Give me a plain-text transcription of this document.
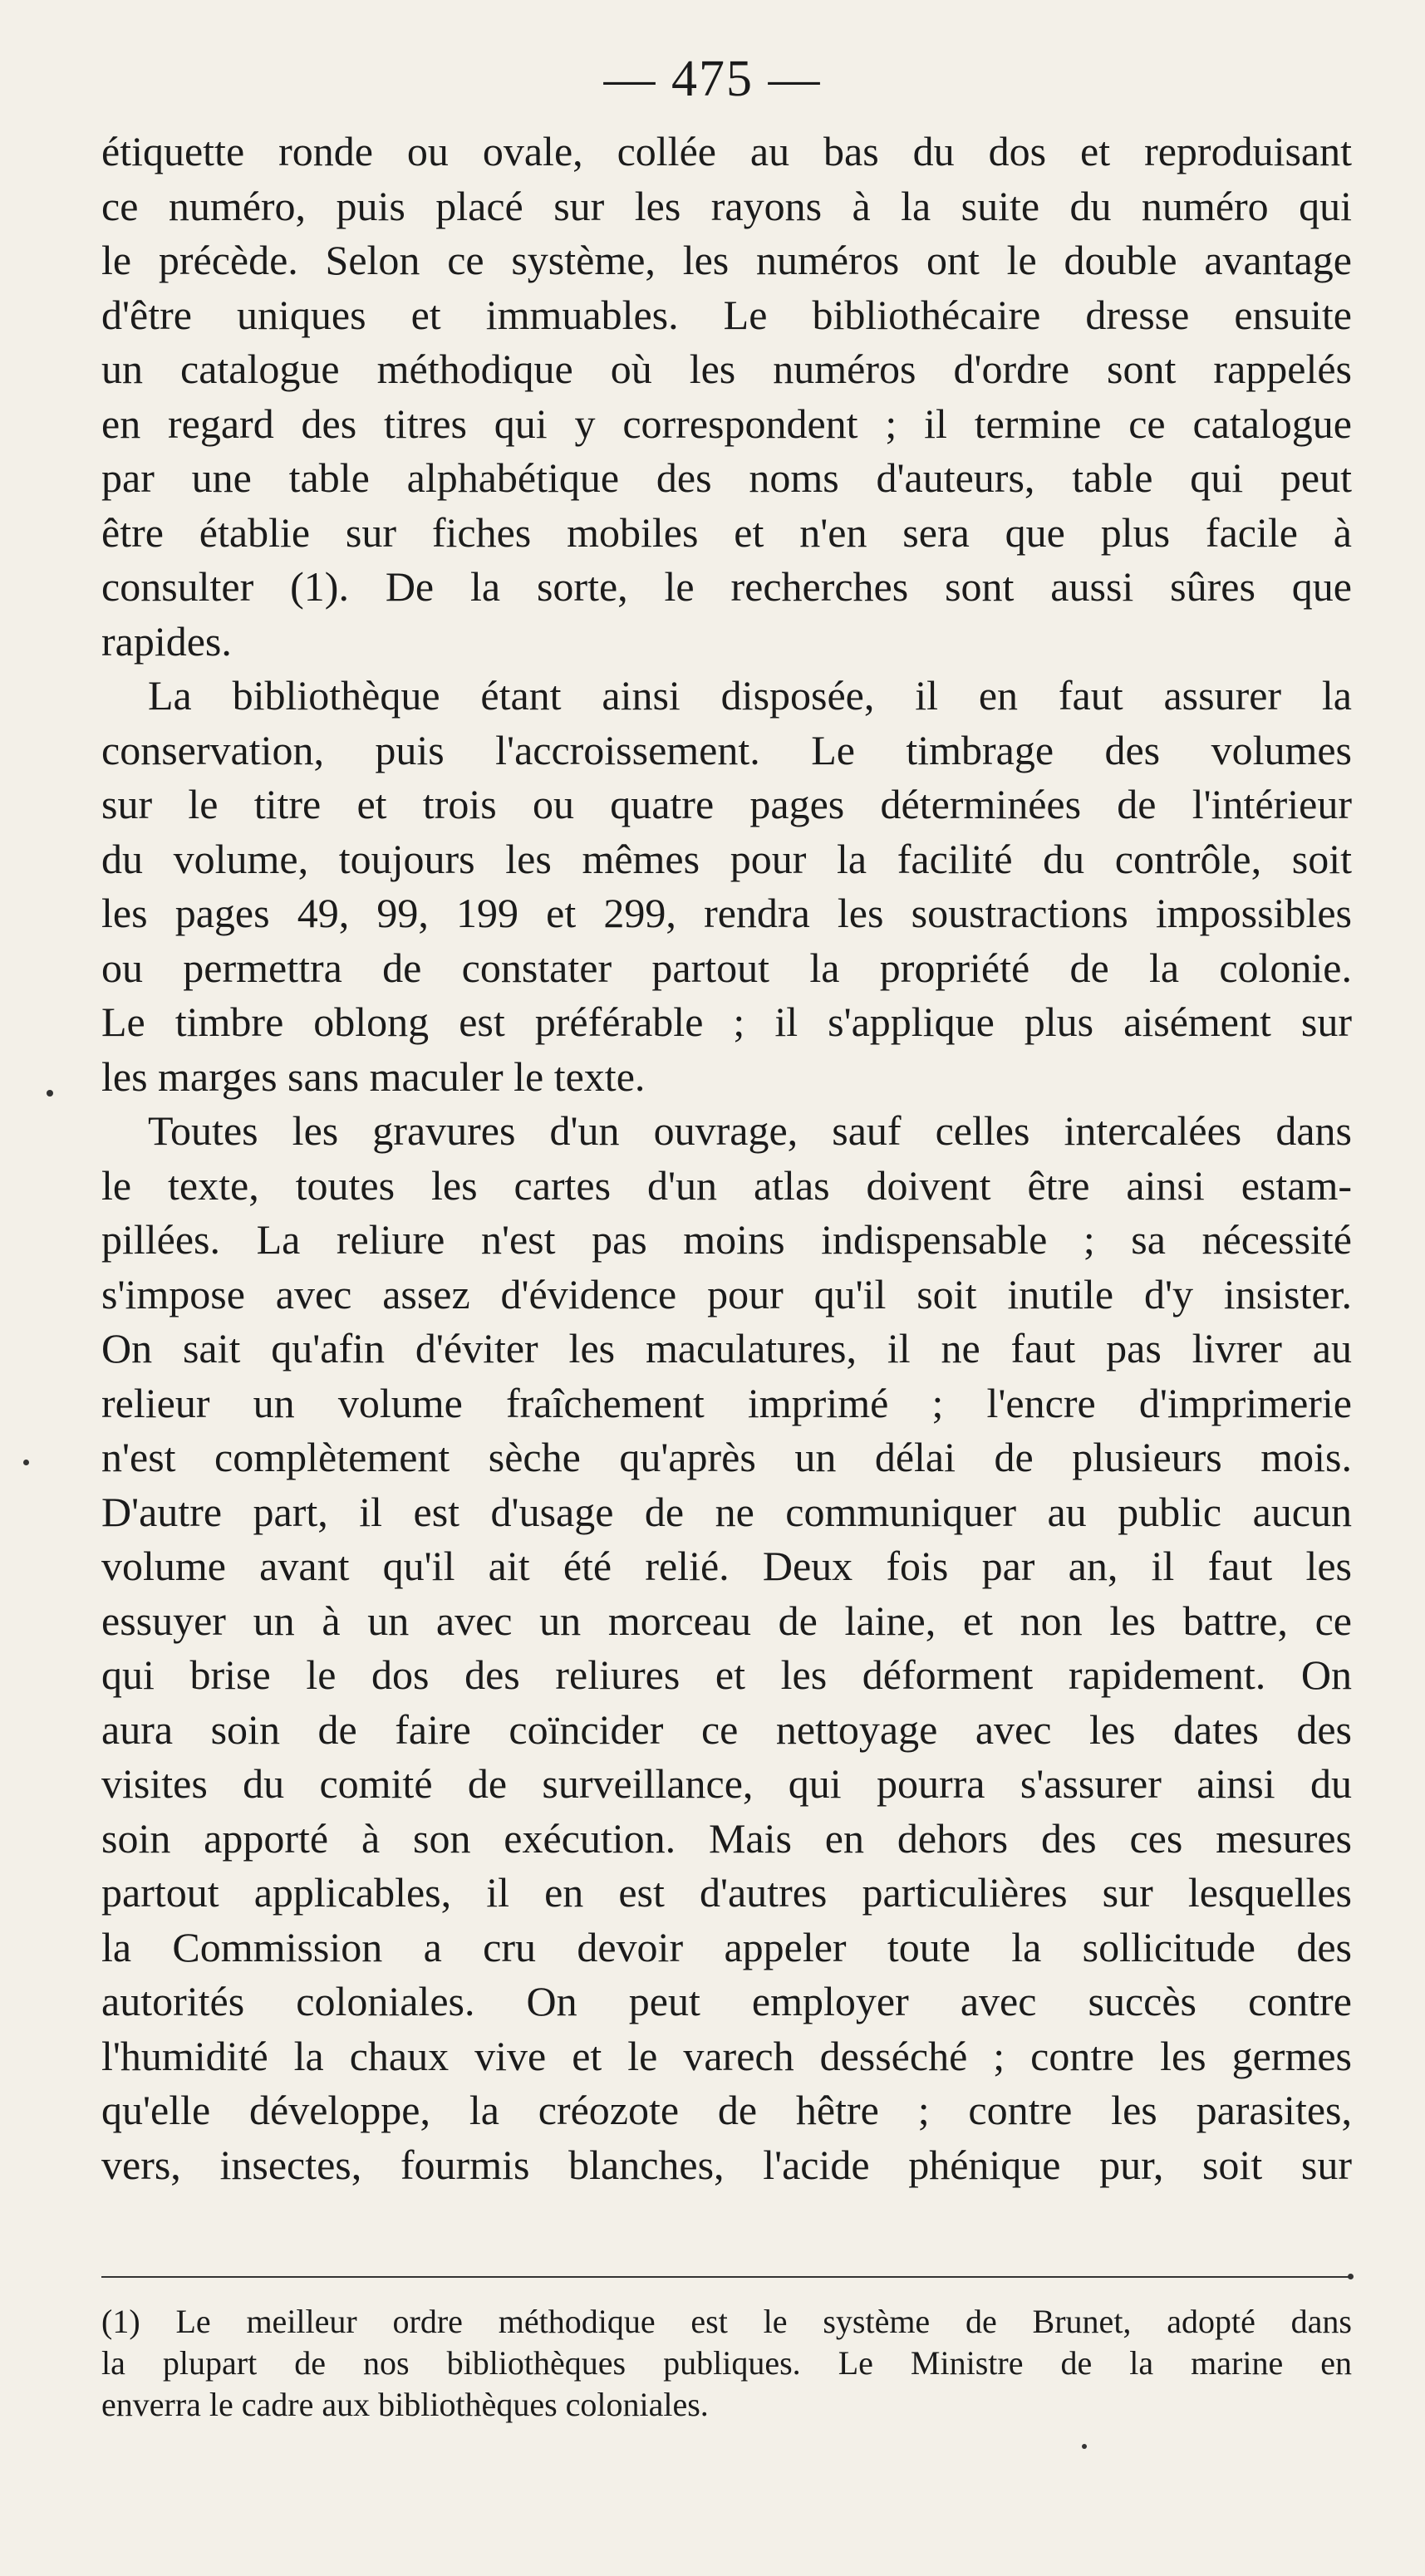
— 475 —
étiquette ronde ou ovale, collée au bas du dos et reproduisant
ce numéro, puis placé sur les rayons à la suite du numéro qui
le précède. Selon ce système, les numéros ont le double avantage
d'être uniques et immuables. Le bibliothécaire dresse ensuite
un catalogue méthodique où les numéros d'ordre sont rappelés
en regard des titres qui y correspondent ; il termine ce catalogue
par une table alphabétique des noms d'auteurs, table qui peut
être établie sur fiches mobiles et n'en sera que plus facile à
consulter (1). De la sorte, le recherches sont aussi sûres que
rapides.
La bibliothèque étant ainsi disposée, il en faut assurer la
conservation, puis l'accroissement. Le timbrage des volumes
sur le titre et trois ou quatre pages déterminées de l'intérieur
du volume, toujours les mêmes pour la facilité du contrôle, soit
les pages 49, 99, 199 et 299, rendra les soustractions impossibles
ou permettra de constater partout la propriété de la colonie.
Le timbre oblong est préférable ; il s'applique plus aisément sur
les marges sans maculer le texte.
Toutes les gravures d'un ouvrage, sauf celles intercalées dans
le texte, toutes les cartes d'un atlas doivent être ainsi estam-
pillées. La reliure n'est pas moins indispensable ; sa nécessité
s'impose avec assez d'évidence pour qu'il soit inutile d'y insister.
On sait qu'afin d'éviter les maculatures, il ne faut pas livrer au
relieur un volume fraîchement imprimé ; l'encre d'imprimerie
n'est complètement sèche qu'après un délai de plusieurs mois.
D'autre part, il est d'usage de ne communiquer au public aucun
volume avant qu'il ait été relié. Deux fois par an, il faut les
essuyer un à un avec un morceau de laine, et non les battre, ce
qui brise le dos des reliures et les déforment rapidement. On
aura soin de faire coïncider ce nettoyage avec les dates des
visites du comité de surveillance, qui pourra s'assurer ainsi du
soin apporté à son exécution. Mais en dehors des ces mesures
partout applicables, il en est d'autres particulières sur lesquelles
la Commission a cru devoir appeler toute la sollicitude des
autorités coloniales. On peut employer avec succès contre
l'humidité la chaux vive et le varech desséché ; contre les germes
qu'elle développe, la créozote de hêtre ; contre les parasites,
vers, insectes, fourmis blanches, l'acide phénique pur, soit sur
(1) Le meilleur ordre méthodique est le système de Brunet, adopté dans
la plupart de nos bibliothèques publiques. Le Ministre de la marine en
enverra le cadre aux bibliothèques coloniales.
